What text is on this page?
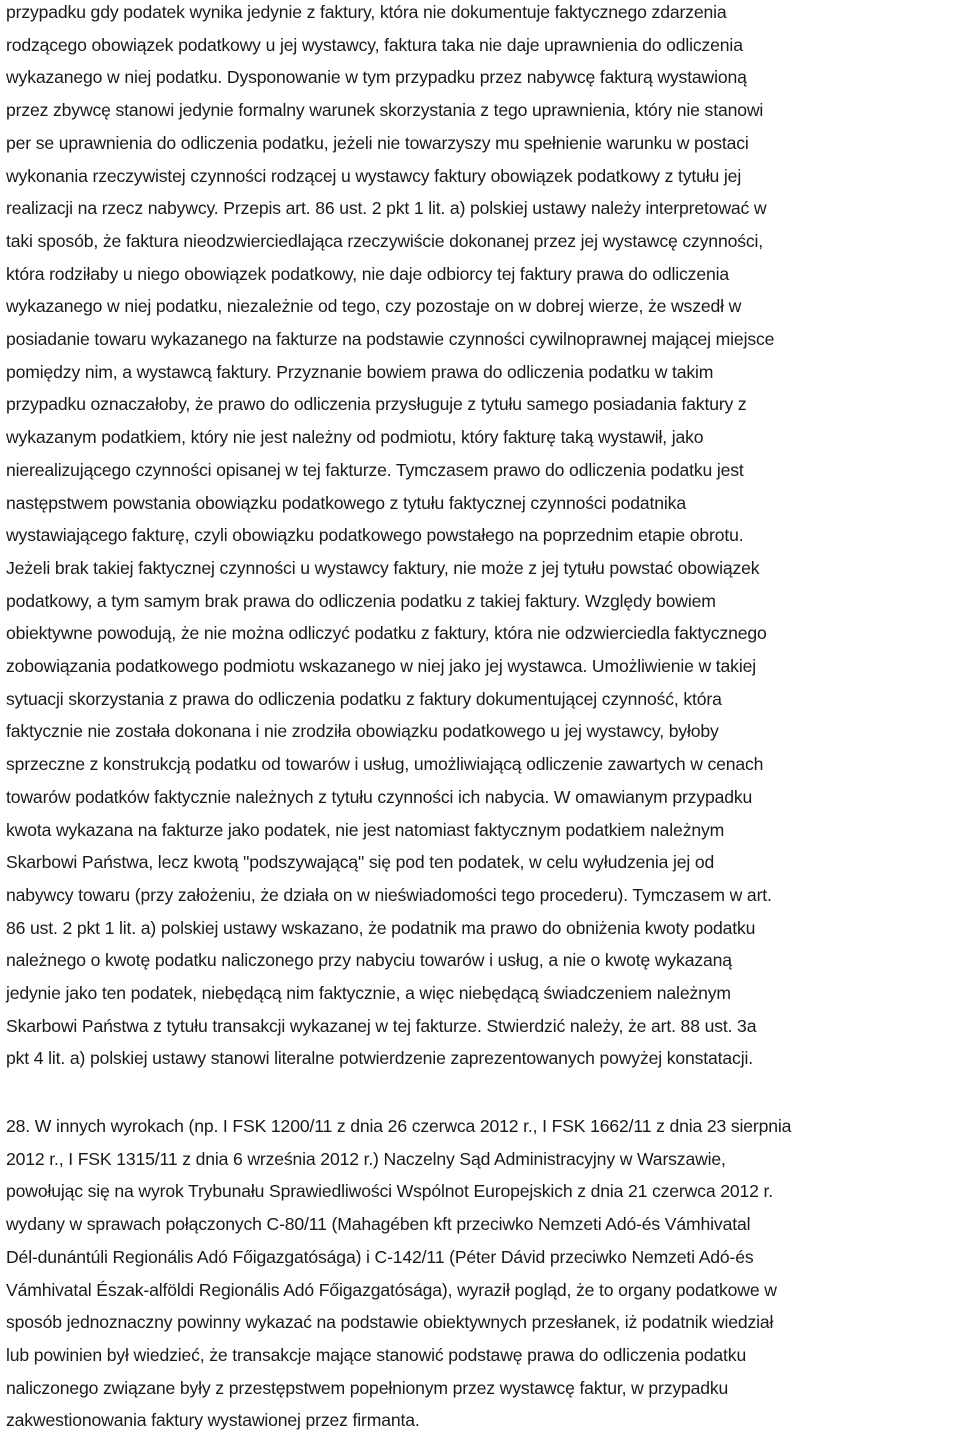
przypadku gdy podatek wynika jedynie z faktury, która nie dokumentuje faktycznego zdarzenia
rodzącego obowiązek podatkowy u jej wystawcy, faktura taka nie daje uprawnienia do odliczenia
wykazanego w niej podatku. Dysponowanie w tym przypadku przez nabywcę fakturą wystawioną
przez zbywcę stanowi jedynie formalny warunek skorzystania z tego uprawnienia, który nie stanowi
per se uprawnienia do odliczenia podatku, jeżeli nie towarzyszy mu spełnienie warunku w postaci
wykonania rzeczywistej czynności rodzącej u wystawcy faktury obowiązek podatkowy z tytułu jej
realizacji na rzecz nabywcy. Przepis art. 86 ust. 2 pkt 1 lit. a) polskiej ustawy należy interpretować w
taki sposób, że faktura nieodzwierciedlająca rzeczywiście dokonanej przez jej wystawcę czynności,
która rodziłaby u niego obowiązek podatkowy, nie daje odbiorcy tej faktury prawa do odliczenia
wykazanego w niej podatku, niezależnie od tego, czy pozostaje on w dobrej wierze, że wszedł w
posiadanie towaru wykazanego na fakturze na podstawie czynności cywilnoprawnej mającej miejsce
pomiędzy nim, a wystawcą faktury. Przyznanie bowiem prawa do odliczenia podatku w takim
przypadku oznaczałoby, że prawo do odliczenia przysługuje z tytułu samego posiadania faktury z
wykazanym podatkiem, który nie jest należny od podmiotu, który fakturę taką wystawił, jako
nierealizującego czynności opisanej w tej fakturze. Tymczasem prawo do odliczenia podatku jest
następstwem powstania obowiązku podatkowego z tytułu faktycznej czynności podatnika
wystawiającego fakturę, czyli obowiązku podatkowego powstałego na poprzednim etapie obrotu.
Jeżeli brak takiej faktycznej czynności u wystawcy faktury, nie może z jej tytułu powstać obowiązek
podatkowy, a tym samym brak prawa do odliczenia podatku z takiej faktury. Względy bowiem
obiektywne powodują, że nie można odliczyć podatku z faktury, która nie odzwierciedla faktycznego
zobowiązania podatkowego podmiotu wskazanego w niej jako jej wystawca. Umożliwienie w takiej
sytuacji skorzystania z prawa do odliczenia podatku z faktury dokumentującej czynność, która
faktycznie nie została dokonana i nie zrodziła obowiązku podatkowego u jej wystawcy, byłoby
sprzeczne z konstrukcją podatku od towarów i usług, umożliwiającą odliczenie zawartych w cenach
towarów podatków faktycznie należnych z tytułu czynności ich nabycia. W omawianym przypadku
kwota wykazana na fakturze jako podatek, nie jest natomiast faktycznym podatkiem należnym
Skarbowi Państwa, lecz kwotą "podszywającą" się pod ten podatek, w celu wyłudzenia jej od
nabywcy towaru (przy założeniu, że działa on w nieświadomości tego procederu). Tymczasem w art.
86 ust. 2 pkt 1 lit. a) polskiej ustawy wskazano, że podatnik ma prawo do obniżenia kwoty podatku
należnego o kwotę podatku naliczonego przy nabyciu towarów i usług, a nie o kwotę wykazaną
jedynie jako ten podatek, niebędącą nim faktycznie, a więc niebędącą świadczeniem należnym
Skarbowi Państwa z tytułu transakcji wykazanej w tej fakturze. Stwierdzić należy, że art. 88 ust. 3a
pkt 4 lit. a) polskiej ustawy stanowi literalne potwierdzenie zaprezentowanych powyżej konstatacji.
28. W innych wyrokach (np. I FSK 1200/11 z dnia 26 czerwca 2012 r., I FSK 1662/11 z dnia 23 sierpnia
2012 r., I FSK 1315/11 z dnia 6 września 2012 r.) Naczelny Sąd Administracyjny w Warszawie,
powołując się na wyrok Trybunału Sprawiedliwości Wspólnot Europejskich z dnia 21 czerwca 2012 r.
wydany w sprawach połączonych C-80/11 (Mahagében kft przeciwko Nemzeti Adó-és Vámhivatal
Dél-dunántúli Regionális Adó Főigazgatósága) i C-142/11 (Péter Dávid przeciwko Nemzeti Adó-és
Vámhivatal Észak-alföldi Regionális Adó Főigazgatósága), wyraził pogląd, że to organy podatkowe w
sposób jednoznaczny powinny wykazać na podstawie obiektywnych przesłanek, iż podatnik wiedział
lub powinien był wiedzieć, że transakcje mające stanowić podstawę prawa do odliczenia podatku
naliczonego związane były z przestępstwem popełnionym przez wystawcę faktur, w przypadku
zakwestionowania faktury wystawionej przez firmanta.
